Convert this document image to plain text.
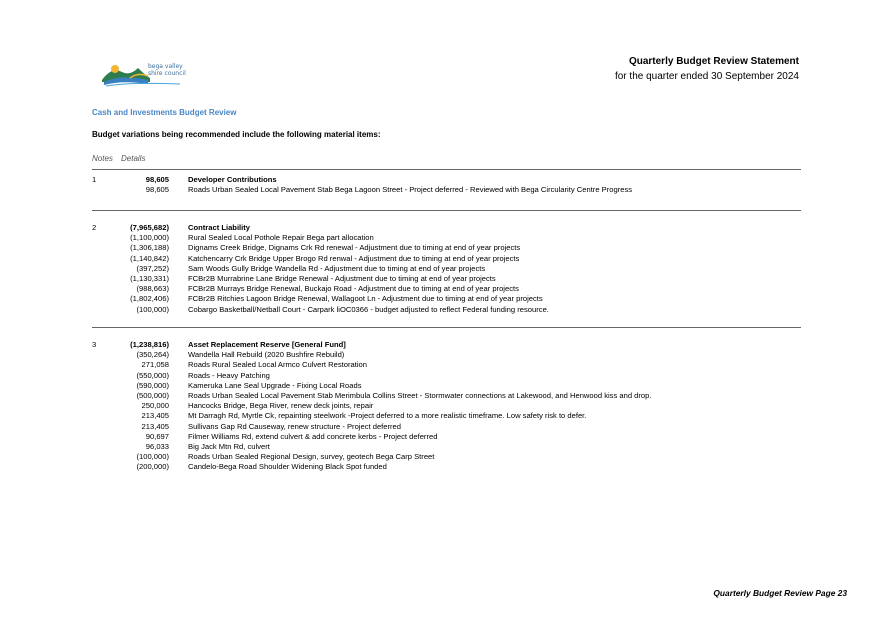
bega valley
shire council
Quarterly Budget Review Statement
for the quarter ended 30 September 2024
Cash and Investments Budget Review
Budget variations being recommended include the following material items:
Notes Details
1	98,605	Developer Contributions
98,605	Roads Urban Sealed Local Pavement Stab Bega Lagoon Street - Project deferred - Reviewed with Bega Circularity Centre Progress
2	(7,965,682)	Contract Liability
(1,100,000)	Rural Sealed Local Pothole Repair Bega part allocation
(1,306,188)	Dignams Creek Bridge, Dignams Crk Rd renewal - Adjustment due to timing at end of year projects
(1,140,842)	Katchencarry Crk Bridge Upper Brogo Rd renwal - Adjustment due to timing at end of year projects
(397,252)	Sam Woods Gully Bridge Wandella Rd - Adjustment due to timing at end of year projects
(1,130,331)	FCBr2B Murrabrine Lane Bridge Renewal - Adjustment due to timing at end of year projects
(988,663)	FCBr2B Murrays Bridge Renewal, Buckajo Road - Adjustment due to timing at end of year projects
(1,802,406)	FCBr2B Ritchies Lagoon Bridge Renewal, Wallagoot Ln - Adjustment due to timing at end of year projects
(100,000)	Cobargo Basketball/Netball Court - Carpark liOC0366 - budget adjusted to reflect Federal funding resource.
3	(1,238,816)	Asset Replacement Reserve [General Fund]
(350,264)	Wandella Hall Rebuild (2020 Bushfire Rebuild)
271,058	Roads Rural Sealed Local Armco Culvert Restoration
(550,000)	Roads - Heavy Patching
(590,000)	Kameruka Lane Seal Upgrade - Fixing Local Roads
(500,000)	Roads Urban Sealed Local Pavement Stab Merimbula Collins Street - Stormwater connections at Lakewood, and Henwood kiss and drop.
250,000	Hancocks Bridge, Bega River, renew deck joints, repair
213,405	Mt Darragh Rd, Myrtle Ck, repainting steelwork -Project deferred to a more realistic timeframe. Low safety risk to defer.
213,405	Sullivans Gap Rd Causeway, renew structure - Project deferred
90,697	Filmer Williams Rd, extend culvert & add concrete kerbs - Project deferred
96,033	Big Jack Mtn Rd, culvert
(100,000)	Roads Urban Sealed Regional Design, survey, geotech Bega Carp Street
(200,000)	Candelo-Bega Road Shoulder Widening Black Spot funded
Quarterly Budget Review Page 23
